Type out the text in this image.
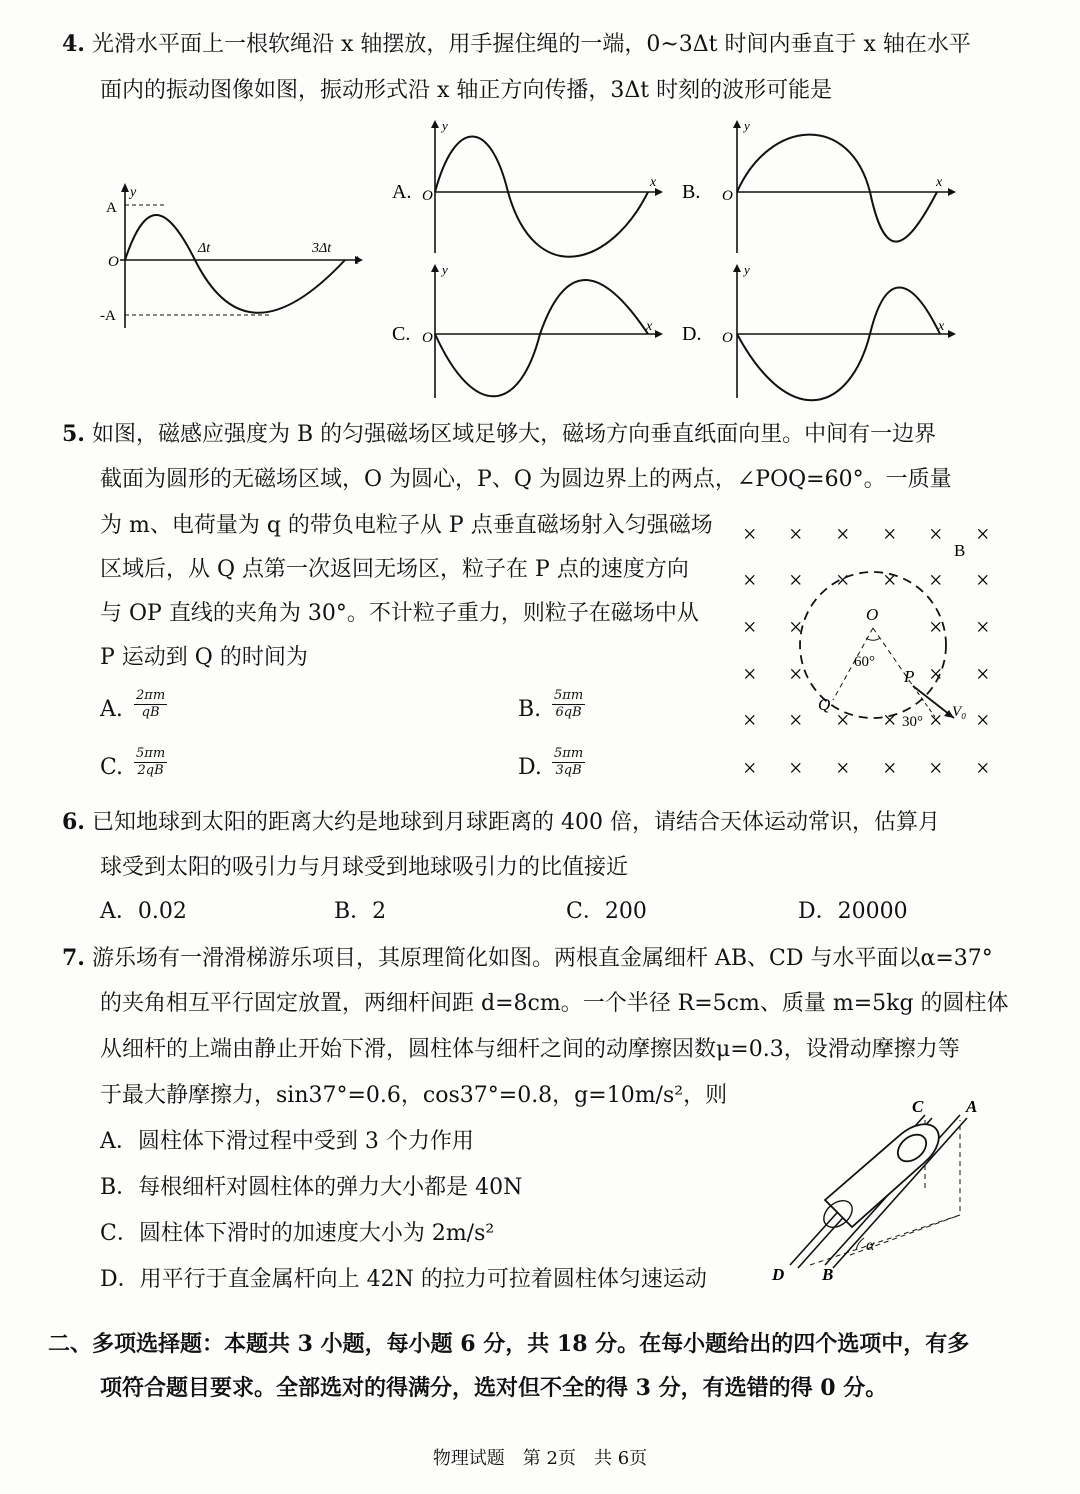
4. 光滑水平面上一根软绳沿 x 轴摆放，用手握住绳的一端，0~3Δt 时间内垂直于 x 轴在水平
面内的振动图像如图，振动形式沿 x 轴正方向传播，3Δt 时刻的波形可能是
y
t
A
-A
O
Δt	3Δt
A. O
y
x B. O
y
x
C. O
y
x D. O
y
x
5. 如图，磁感应强度为 B 的匀强磁场区域足够大，磁场方向垂直纸面向里。中间有一边界
截面为圆形的无磁场区域，O 为圆心，P、Q 为圆边界上的两点，∠POQ=60°。一质量
为 m、电荷量为 q 的带负电粒子从 P 点垂直磁场射入匀强磁场
区域后，从 Q 点第一次返回无场区，粒子在 P 点的速度方向
与 OP 直线的夹角为 30°。不计粒子重力，则粒子在磁场中从
P 运动到 Q 的时间为
A. $\frac{2\pi m}{qB}$	B. $\frac{5\pi m}{6qB}$
C. $\frac{5\pi m}{2qB}$	D. $\frac{5\pi m}{3qB}$
× × × × × ×
× × × × × ×
× ×	× ×
× ×	× ×
× × × × × ×
× × × × × ×
O
60°
P
Q
30°
V₀
B
6. 已知地球到太阳的距离大约是地球到月球距离的 400 倍，请结合天体运动常识，估算月
球受到太阳的吸引力与月球受到地球吸引力的比值接近
A．0.02	B．2	C．200	D．20000
7. 游乐场有一滑滑梯游乐项目，其原理简化如图。两根直金属细杆 AB、CD 与水平面以α=37°
的夹角相互平行固定放置，两细杆间距 d=8cm。一个半径 R=5cm、质量 m=5kg 的圆柱体
从细杆的上端由静止开始下滑，圆柱体与细杆之间的动摩擦因数μ=0.3，设滑动摩擦力等
于最大静摩擦力，sin37°=0.6，cos37°=0.8，g=10m/s²，则
A．圆柱体下滑过程中受到 3 个力作用
B．每根细杆对圆柱体的弹力大小都是 40N
C．圆柱体下滑时的加速度大小为 2m/s²
D．用平行于直金属杆向上 42N 的拉力可拉着圆柱体匀速运动
C	A
D B
α
二、多项选择题：本题共 3 小题，每小题 6 分，共 18 分。在每小题给出的四个选项中，有多
项符合题目要求。全部选对的得满分，选对但不全的得 3 分，有选错的得 0 分。
物理试题　第 2页　共 6页
